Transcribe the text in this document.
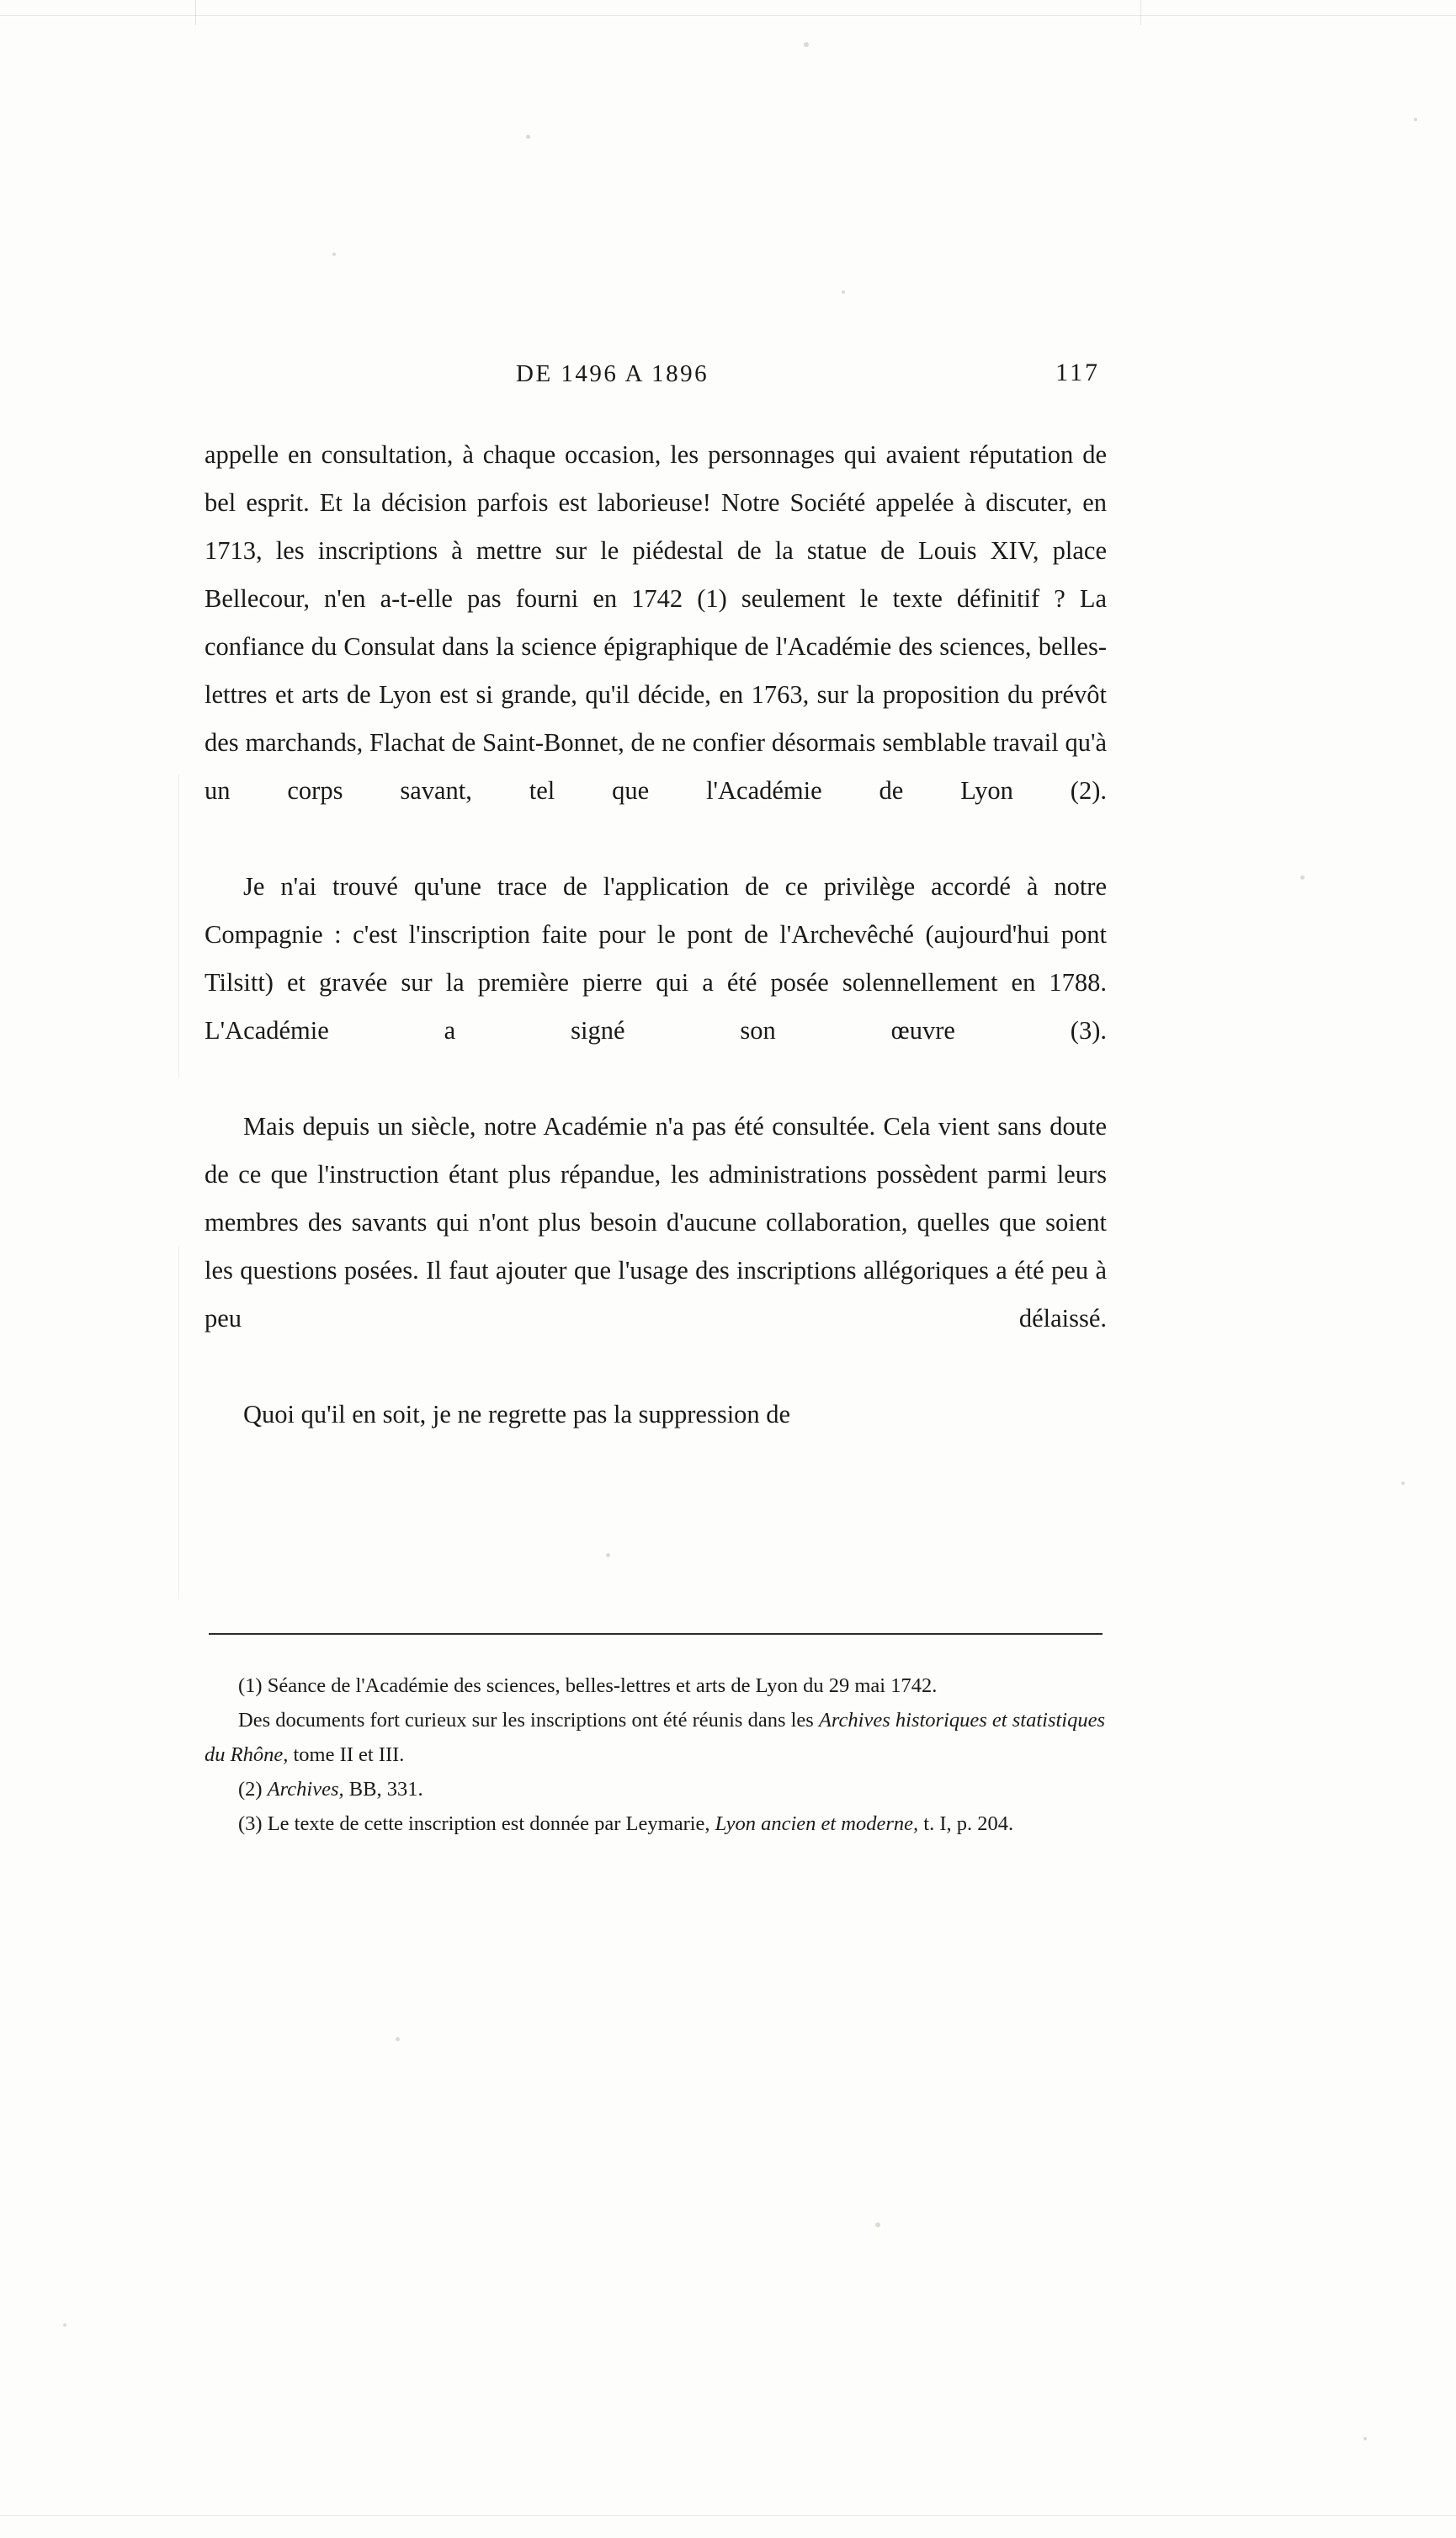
DE 1496 A 1896	117

appelle en consultation, à chaque occasion, les personnages qui avaient réputation de bel esprit. Et la décision parfois est laborieuse! Notre Société appelée à discuter, en 1713, les inscriptions à mettre sur le piédestal de la statue de Louis XIV, place Bellecour, n'en a-t-elle pas fourni en 1742 (1) seulement le texte définitif ? La confiance du Consulat dans la science épigraphique de l'Académie des sciences, belles-lettres et arts de Lyon est si grande, qu'il décide, en 1763, sur la proposition du prévôt des marchands, Flachat de Saint-Bonnet, de ne confier désormais semblable travail qu'à un corps savant, tel que l'Académie de Lyon (2).

Je n'ai trouvé qu'une trace de l'application de ce privilège accordé à notre Compagnie : c'est l'inscription faite pour le pont de l'Archevêché (aujourd'hui pont Tilsitt) et gravée sur la première pierre qui a été posée solennellement en 1788. L'Académie a signé son œuvre (3).

Mais depuis un siècle, notre Académie n'a pas été consultée. Cela vient sans doute de ce que l'instruction étant plus répandue, les administrations possèdent parmi leurs membres des savants qui n'ont plus besoin d'aucune collaboration, quelles que soient les questions posées. Il faut ajouter que l'usage des inscriptions allégoriques a été peu à peu délaissé.

Quoi qu'il en soit, je ne regrette pas la suppression de

(1) Séance de l'Académie des sciences, belles-lettres et arts de Lyon du 29 mai 1742.

Des documents fort curieux sur les inscriptions ont été réunis dans les Archives historiques et statistiques du Rhône, tome II et III.

(2) Archives, BB, 331.

(3) Le texte de cette inscription est donnée par Leymarie, Lyon ancien et moderne, t. I, p. 204.
